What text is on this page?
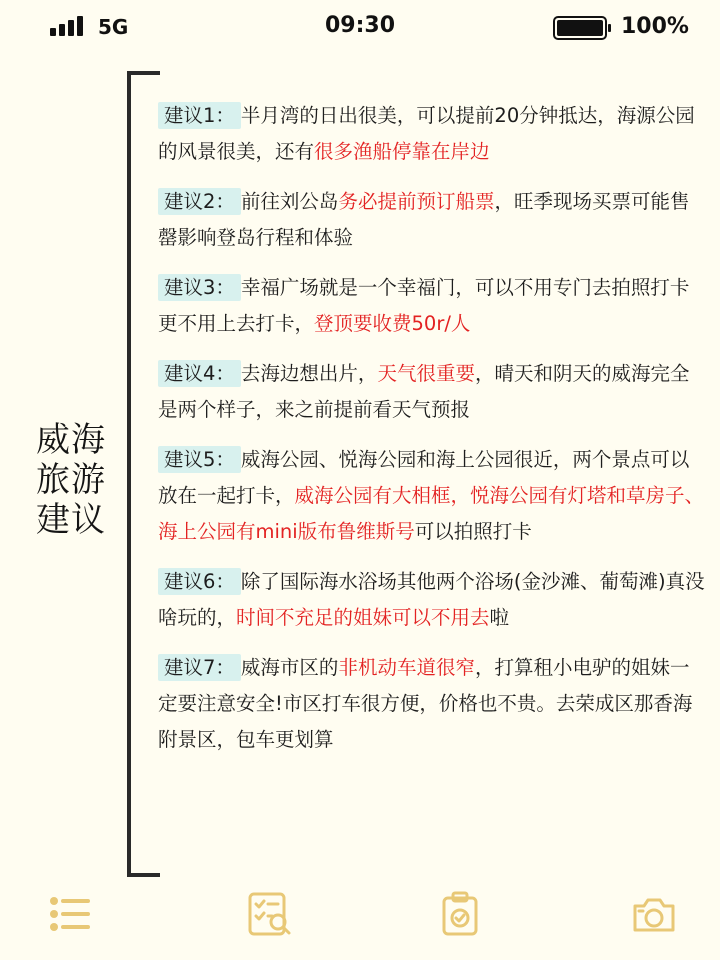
5G	09:30	100%
威海
旅游
建议
建议1： 半月湾的日出很美，可以提前20分钟抵达，海源公园的风景很美，还有很多渔船停靠在岸边
建议2： 前往刘公岛务必提前预订船票，旺季现场买票可能售罄影响登岛行程和体验
建议3： 幸福广场就是一个幸福门，可以不用专门去拍照打卡更不用上去打卡，登顶要收费50r/人
建议4： 去海边想出片，天气很重要，晴天和阴天的威海完全是两个样子，来之前提前看天气预报
建议5： 威海公园、悦海公园和海上公园很近，两个景点可以放在一起打卡，威海公园有大相框，悦海公园有灯塔和草房子、海上公园有mini版布鲁维斯号可以拍照打卡
建议6： 除了国际海水浴场其他两个浴场(金沙滩、葡萄滩)真没啥玩的，时间不充足的姐妹可以不用去啦
建议7： 威海市区的非机动车道很窄，打算租小电驴的姐妹一定要注意安全!市区打车很方便，价格也不贵。去荣成区那香海附景区，包车更划算
